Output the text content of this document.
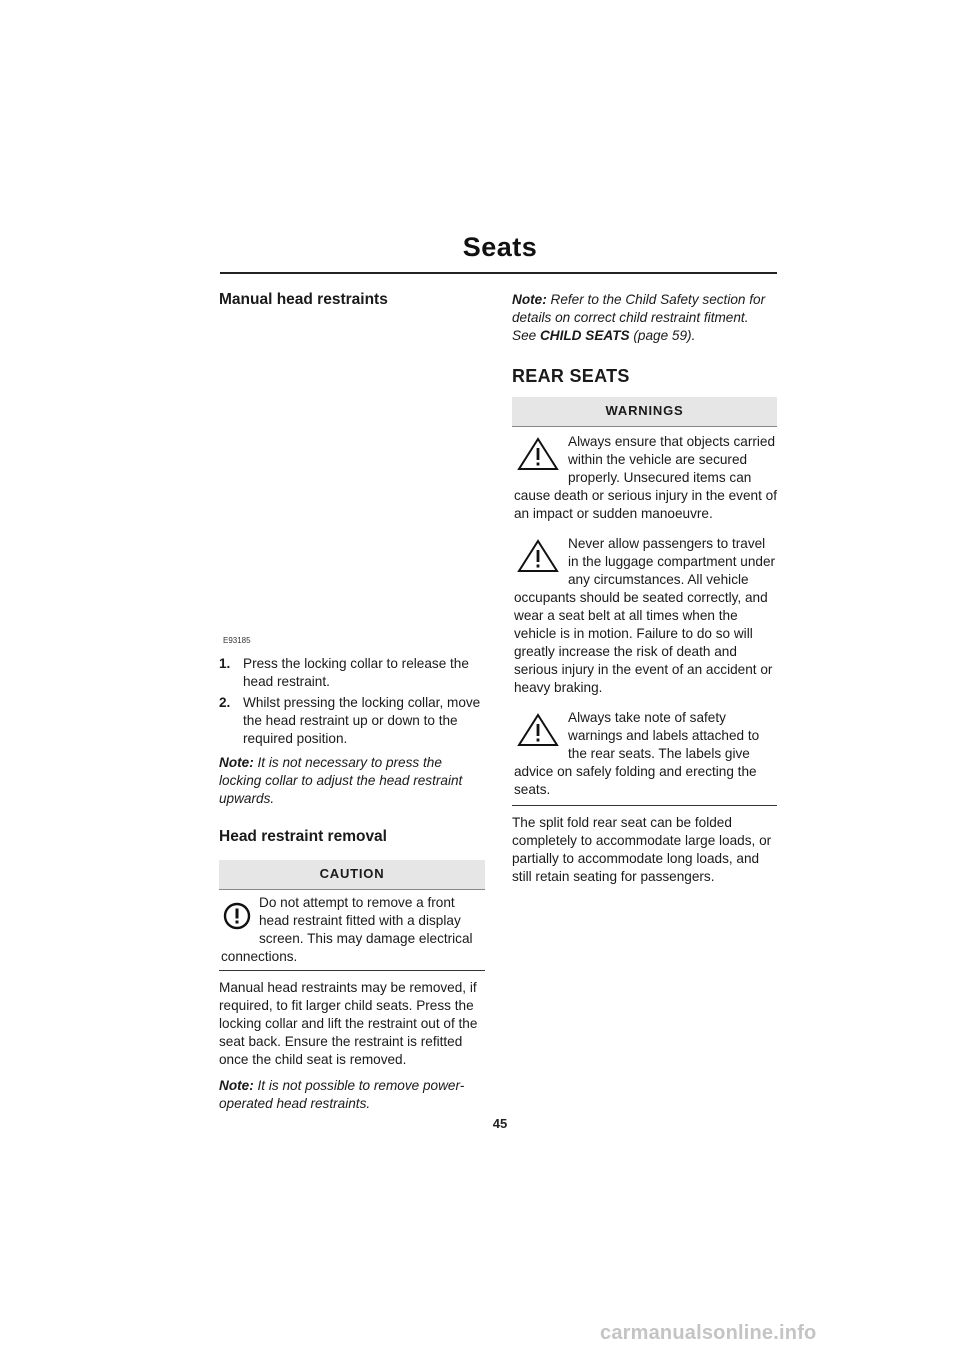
Seats
Manual head restraints
E93185
1. Press the locking collar to release the head restraint.
2. Whilst pressing the locking collar, move the head restraint up or down to the required position.

Note: It is not necessary to press the locking collar to adjust the head restraint upwards.

Head restraint removal
CAUTION
Do not attempt to remove a front head restraint fitted with a display screen. This may damage electrical connections.

Manual head restraints may be removed, if required, to fit larger child seats. Press the locking collar and lift the restraint out of the seat back. Ensure the restraint is refitted once the child seat is removed.

Note: It is not possible to remove power-operated head restraints.

Note: Refer to the Child Safety section for details on correct child restraint fitment.
See CHILD SEATS (page 59).

REAR SEATS
WARNINGS
Always ensure that objects carried within the vehicle are secured properly. Unsecured items can cause death or serious injury in the event of an impact or sudden manoeuvre.
Never allow passengers to travel in the luggage compartment under any circumstances. All vehicle occupants should be seated correctly, and wear a seat belt at all times when the vehicle is in motion. Failure to do so will greatly increase the risk of death and serious injury in the event of an accident or heavy braking.
Always take note of safety warnings and labels attached to the rear seats. The labels give advice on safely folding and erecting the seats.

The split fold rear seat can be folded completely to accommodate large loads, or partially to accommodate long loads, and still retain seating for passengers.

45
carmanualsonline.info
